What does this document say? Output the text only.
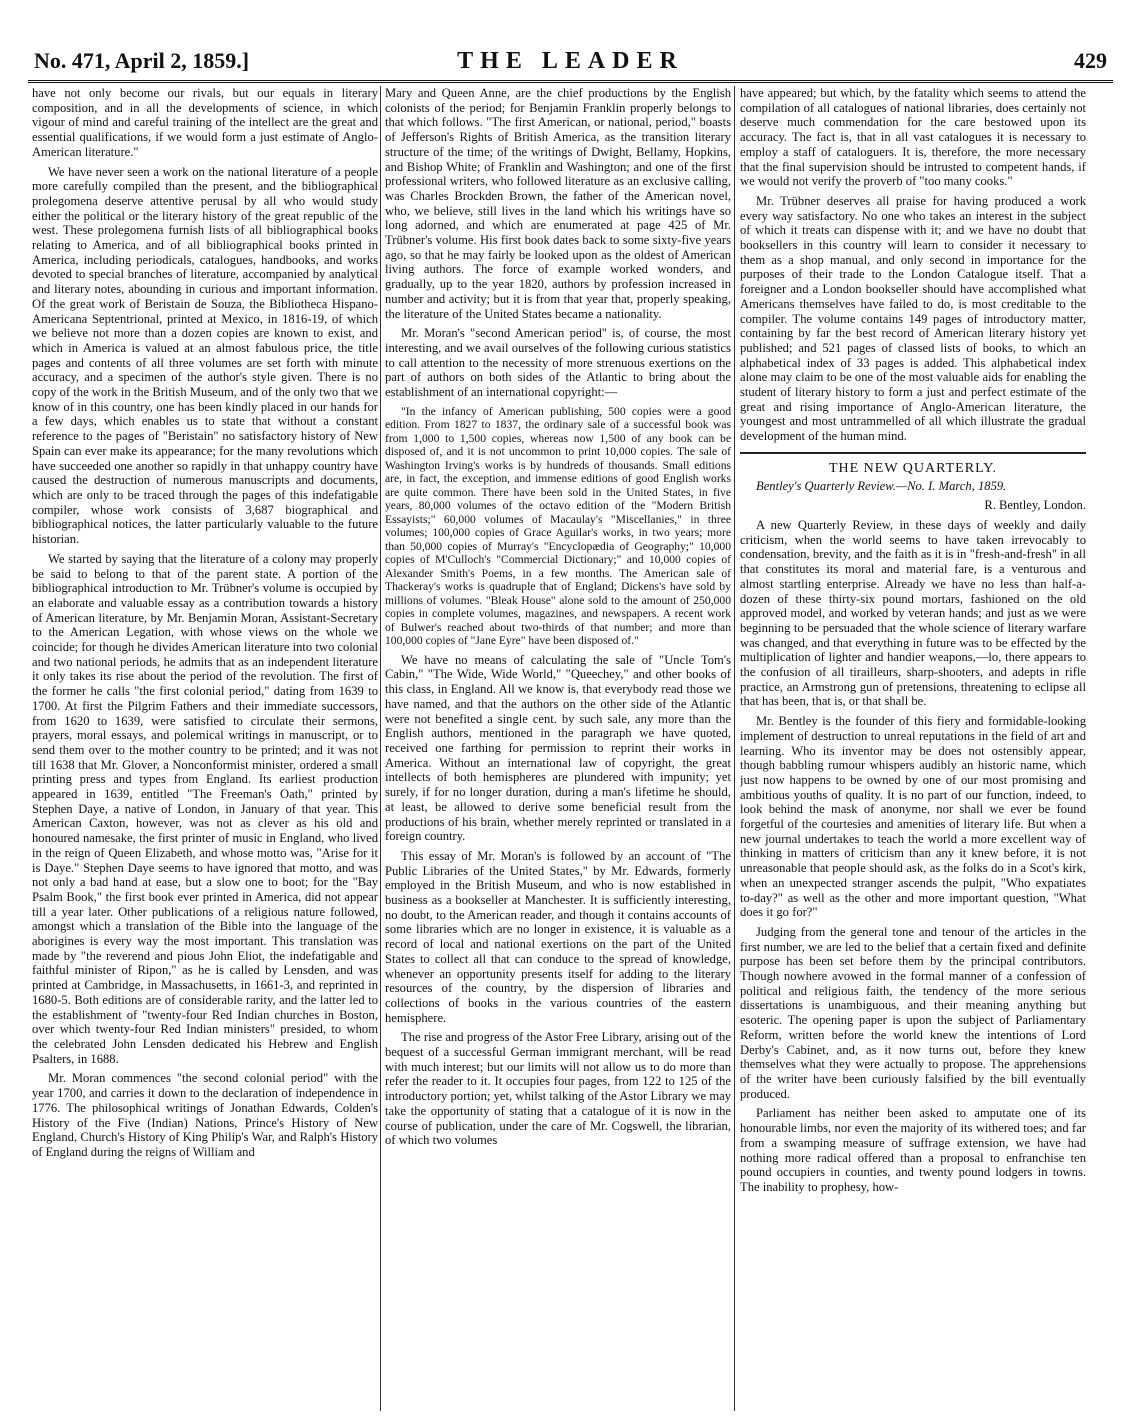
No. 471, April 2, 1859.]	THE LEADER	429

have not only become our rivals, but our equals in literary composition, and in all the developments of science, in which vigour of mind and careful training of the intellect are the great and essential qualifications, if we would form a just estimate of Anglo-American literature."

We have never seen a work on the national literature of a people more carefully compiled than the present, and the bibliographical prolegomena deserve attentive perusal by all who would study either the political or the literary history of the great republic of the west. These prolegomena furnish lists of all bibliographical books relating to America, and of all bibliographical books printed in America, including periodicals, catalogues, handbooks, and works devoted to special branches of literature, accompanied by analytical and literary notes, abounding in curious and important information. Of the great work of Beristain de Souza, the Bibliotheca Hispano-Americana Septentrional, printed at Mexico, in 1816-19, of which we believe not more than a dozen copies are known to exist, and which in America is valued at an almost fabulous price, the title pages and contents of all three volumes are set forth with minute accuracy, and a specimen of the author's style given. There is no copy of the work in the British Museum, and of the only two that we know of in this country, one has been kindly placed in our hands for a few days, which enables us to state that without a constant reference to the pages of "Beristain" no satisfactory history of New Spain can ever make its appearance; for the many revolutions which have succeeded one another so rapidly in that unhappy country have caused the destruction of numerous manuscripts and documents, which are only to be traced through the pages of this indefatigable compiler, whose work consists of 3,687 biographical and bibliographical notices, the latter particularly valuable to the future historian.

We started by saying that the literature of a colony may properly be said to belong to that of the parent state. A portion of the bibliographical introduction to Mr. Trübner's volume is occupied by an elaborate and valuable essay as a contribution towards a history of American literature, by Mr. Benjamin Moran, Assistant-Secretary to the American Legation, with whose views on the whole we coincide; for though he divides American literature into two colonial and two national periods, he admits that as an independent literature it only takes its rise about the period of the revolution. The first of the former he calls "the first colonial period," dating from 1639 to 1700. At first the Pilgrim Fathers and their immediate successors, from 1620 to 1639, were satisfied to circulate their sermons, prayers, moral essays, and polemical writings in manuscript, or to send them over to the mother country to be printed; and it was not till 1638 that Mr. Glover, a Nonconformist minister, ordered a small printing press and types from England. Its earliest production appeared in 1639, entitled "The Freeman's Oath," printed by Stephen Daye, a native of London, in January of that year. This American Caxton, however, was not as clever as his old and honoured namesake, the first printer of music in England, who lived in the reign of Queen Elizabeth, and whose motto was, "Arise for it is Daye." Stephen Daye seems to have ignored that motto, and was not only a bad hand at ease, but a slow one to boot; for the "Bay Psalm Book," the first book ever printed in America, did not appear till a year later. Other publications of a religious nature followed, amongst which a translation of the Bible into the language of the aborigines is every way the most important. This translation was made by "the reverend and pious John Eliot, the indefatigable and faithful minister of Ripon," as he is called by Lensden, and was printed at Cambridge, in Massachusetts, in 1661-3, and reprinted in 1680-5. Both editions are of considerable rarity, and the latter led to the establishment of "twenty-four Red Indian churches in Boston, over which twenty-four Red Indian ministers" presided, to whom the celebrated John Lensden dedicated his Hebrew and English Psalters, in 1688.

Mr. Moran commences "the second colonial period" with the year 1700, and carries it down to the declaration of independence in 1776. The philosophical writings of Jonathan Edwards, Colden's History of the Five (Indian) Nations, Prince's History of New England, Church's History of King Philip's War, and Ralph's History of England during the reigns of William and

Mary and Queen Anne, are the chief productions by the English colonists of the period; for Benjamin Franklin properly belongs to that which follows. "The first American, or national, period," boasts of Jefferson's Rights of British America, as the transition literary structure of the time; of the writings of Dwight, Bellamy, Hopkins, and Bishop White; of Franklin and Washington; and one of the first professional writers, who followed literature as an exclusive calling, was Charles Brockden Brown, the father of the American novel, who, we believe, still lives in the land which his writings have so long adorned, and which are enumerated at page 425 of Mr. Trübner's volume. His first book dates back to some sixty-five years ago, so that he may fairly be looked upon as the oldest of American living authors. The force of example worked wonders, and gradually, up to the year 1820, authors by profession increased in number and activity; but it is from that year that, properly speaking, the literature of the United States became a nationality.

Mr. Moran's "second American period" is, of course, the most interesting, and we avail ourselves of the following curious statistics to call attention to the necessity of more strenuous exertions on the part of authors on both sides of the Atlantic to bring about the establishment of an international copyright:—

"In the infancy of American publishing, 500 copies were a good edition. From 1827 to 1837, the ordinary sale of a successful book was from 1,000 to 1,500 copies, whereas now 1,500 of any book can be disposed of, and it is not uncommon to print 10,000 copies. The sale of Washington Irving's works is by hundreds of thousands. Small editions are, in fact, the exception, and immense editions of good English works are quite common. There have been sold in the United States, in five years, 80,000 volumes of the octavo edition of the "Modern British Essayists;" 60,000 volumes of Macaulay's "Miscellanies," in three volumes; 100,000 copies of Grace Aguilar's works, in two years; more than 50,000 copies of Murray's "Encyclopædia of Geography;" 10,000 copies of M'Culloch's "Commercial Dictionary;" and 10,000 copies of Alexander Smith's Poems, in a few months. The American sale of Thackeray's works is quadruple that of England; Dickens's have sold by millions of volumes. "Bleak House" alone sold to the amount of 250,000 copies in complete volumes, magazines, and newspapers. A recent work of Bulwer's reached about two-thirds of that number; and more than 100,000 copies of "Jane Eyre" have been disposed of."

We have no means of calculating the sale of "Uncle Tom's Cabin," "The Wide, Wide World," "Queechey," and other books of this class, in England. All we know is, that everybody read those we have named, and that the authors on the other side of the Atlantic were not benefited a single cent. by such sale, any more than the English authors, mentioned in the paragraph we have quoted, received one farthing for permission to reprint their works in America. Without an international law of copyright, the great intellects of both hemispheres are plundered with impunity; yet surely, if for no longer duration, during a man's lifetime he should, at least, be allowed to derive some beneficial result from the productions of his brain, whether merely reprinted or translated in a foreign country.

This essay of Mr. Moran's is followed by an account of "The Public Libraries of the United States," by Mr. Edwards, formerly employed in the British Museum, and who is now established in business as a bookseller at Manchester. It is sufficiently interesting, no doubt, to the American reader, and though it contains accounts of some libraries which are no longer in existence, it is valuable as a record of local and national exertions on the part of the United States to collect all that can conduce to the spread of knowledge, whenever an opportunity presents itself for adding to the literary resources of the country, by the dispersion of libraries and collections of books in the various countries of the eastern hemisphere.

The rise and progress of the Astor Free Library, arising out of the bequest of a successful German immigrant merchant, will be read with much interest; but our limits will not allow us to do more than refer the reader to it. It occupies four pages, from 122 to 125 of the introductory portion; yet, whilst talking of the Astor Library we may take the opportunity of stating that a catalogue of it is now in the course of publication, under the care of Mr. Cogswell, the librarian, of which two volumes

have appeared; but which, by the fatality which seems to attend the compilation of all catalogues of national libraries, does certainly not deserve much commendation for the care bestowed upon its accuracy. The fact is, that in all vast catalogues it is necessary to employ a staff of cataloguers. It is, therefore, the more necessary that the final supervision should be intrusted to competent hands, if we would not verify the proverb of "too many cooks."

Mr. Trübner deserves all praise for having produced a work every way satisfactory. No one who takes an interest in the subject of which it treats can dispense with it; and we have no doubt that booksellers in this country will learn to consider it necessary to them as a shop manual, and only second in importance for the purposes of their trade to the London Catalogue itself. That a foreigner and a London bookseller should have accomplished what Americans themselves have failed to do, is most creditable to the compiler. The volume contains 149 pages of introductory matter, containing by far the best record of American literary history yet published; and 521 pages of classed lists of books, to which an alphabetical index of 33 pages is added. This alphabetical index alone may claim to be one of the most valuable aids for enabling the student of literary history to form a just and perfect estimate of the great and rising importance of Anglo-American literature, the youngest and most untrammelled of all which illustrate the gradual development of the human mind.

THE NEW QUARTERLY.

Bentley's Quarterly Review.—No. I. March, 1859.

R. Bentley, London.

A new Quarterly Review, in these days of weekly and daily criticism, when the world seems to have taken irrevocably to condensation, brevity, and the faith as it is in "fresh-and-fresh" in all that constitutes its moral and material fare, is a venturous and almost startling enterprise. Already we have no less than half-a-dozen of these thirty-six pound mortars, fashioned on the old approved model, and worked by veteran hands; and just as we were beginning to be persuaded that the whole science of literary warfare was changed, and that everything in future was to be effected by the multiplication of lighter and handier weapons,—lo, there appears to the confusion of all tirailleurs, sharp-shooters, and adepts in rifle practice, an Armstrong gun of pretensions, threatening to eclipse all that has been, that is, or that shall be.

Mr. Bentley is the founder of this fiery and formidable-looking implement of destruction to unreal reputations in the field of art and learning. Who its inventor may be does not ostensibly appear, though babbling rumour whispers audibly an historic name, which just now happens to be owned by one of our most promising and ambitious youths of quality. It is no part of our function, indeed, to look behind the mask of anonyme, nor shall we ever be found forgetful of the courtesies and amenities of literary life. But when a new journal undertakes to teach the world a more excellent way of thinking in matters of criticism than any it knew before, it is not unreasonable that people should ask, as the folks do in a Scot's kirk, when an unexpected stranger ascends the pulpit, "Who expatiates to-day?" as well as the other and more important question, "What does it go for?"

Judging from the general tone and tenour of the articles in the first number, we are led to the belief that a certain fixed and definite purpose has been set before them by the principal contributors. Though nowhere avowed in the formal manner of a confession of political and religious faith, the tendency of the more serious dissertations is unambiguous, and their meaning anything but esoteric. The opening paper is upon the subject of Parliamentary Reform, written before the world knew the intentions of Lord Derby's Cabinet, and, as it now turns out, before they knew themselves what they were actually to propose. The apprehensions of the writer have been curiously falsified by the bill eventually produced.

Parliament has neither been asked to amputate one of its honourable limbs, nor even the majority of its withered toes; and far from a swamping measure of suffrage extension, we have had nothing more radical offered than a proposal to enfranchise ten pound occupiers in counties, and twenty pound lodgers in towns. The inability to prophesy, how-
